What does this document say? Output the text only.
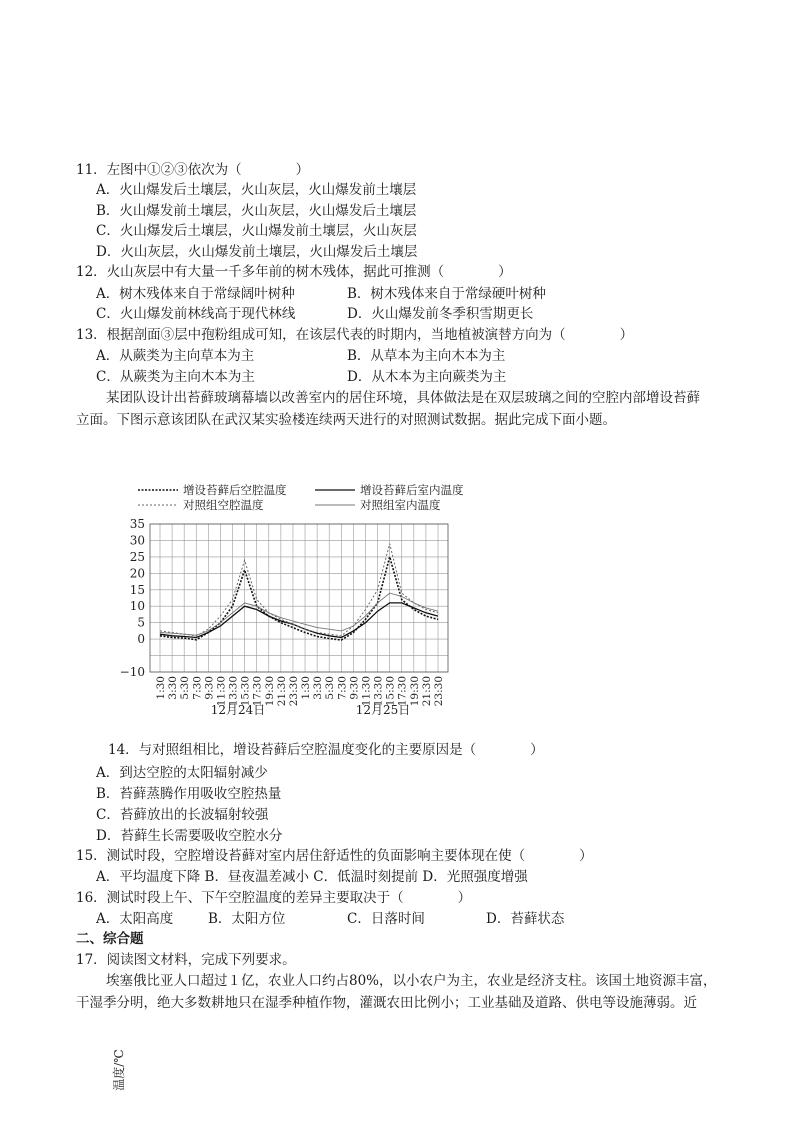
11．左图中①②③依次为（　　　　）
A．火山爆发后土壤层，火山灰层，火山爆发前土壤层
B．火山爆发前土壤层，火山灰层，火山爆发后土壤层
C．火山爆发后土壤层，火山爆发前土壤层，火山灰层
D．火山灰层，火山爆发前土壤层，火山爆发后土壤层
12．火山灰层中有大量一千多年前的树木残体，据此可推测（　　　　）
A．树木残体来自于常绿阔叶树种	B．树木残体来自于常绿硬叶树种
C．火山爆发前林线高于现代林线	D．火山爆发前冬季积雪期更长
13．根据剖面③层中孢粉组成可知，在该层代表的时期内，当地植被演替方向为（　　　　）
A．从蕨类为主向草本为主	B．从草本为主向木本为主
C．从蕨类为主向木本为主	D．从木本为主向蕨类为主
某团队设计出苔藓玻璃幕墙以改善室内的居住环境，具体做法是在双层玻璃之间的空腔内部增设苔藓
立面。下图示意该团队在武汉某实验楼连续两天进行的对照测试数据。据此完成下面小题。
增设苔藓后空腔温度	增设苔藓后室内温度
对照组空腔温度	对照组室内温度
35
30
25
20
15
10
5
0
−10
1:30 3:30 5:30 7:30 9:30 11:30 13:30 15:30 17:30 19:30 21:30 23:30 1:30 3:30 5:30 7:30 9:30 11:30 13:30 15:30 17:30 19:30 21:30 23:30
温度/℃
12月24日	12月25日
14．与对照组相比，增设苔藓后空腔温度变化的主要原因是（　　　　）
A．到达空腔的太阳辐射减少
B．苔藓蒸腾作用吸收空腔热量
C．苔藓放出的长波辐射较强
D．苔藓生长需要吸收空腔水分
15．测试时段，空腔增设苔藓对室内居住舒适性的负面影响主要体现在使（　　　　）
A．平均温度下降 B．昼夜温差减小 C．低温时刻提前 D．光照强度增强
16．测试时段上午、下午空腔温度的差异主要取决于（　　　　）
A．太阳高度	B．太阳方位	C．日落时间	D．苔藓状态
二、综合题
17．阅读图文材料，完成下列要求。
埃塞俄比亚人口超过１亿，农业人口约占80%，以小农户为主，农业是经济支柱。该国土地资源丰富，
干湿季分明，绝大多数耕地只在湿季种植作物，灌溉农田比例小；工业基础及道路、供电等设施薄弱。近
